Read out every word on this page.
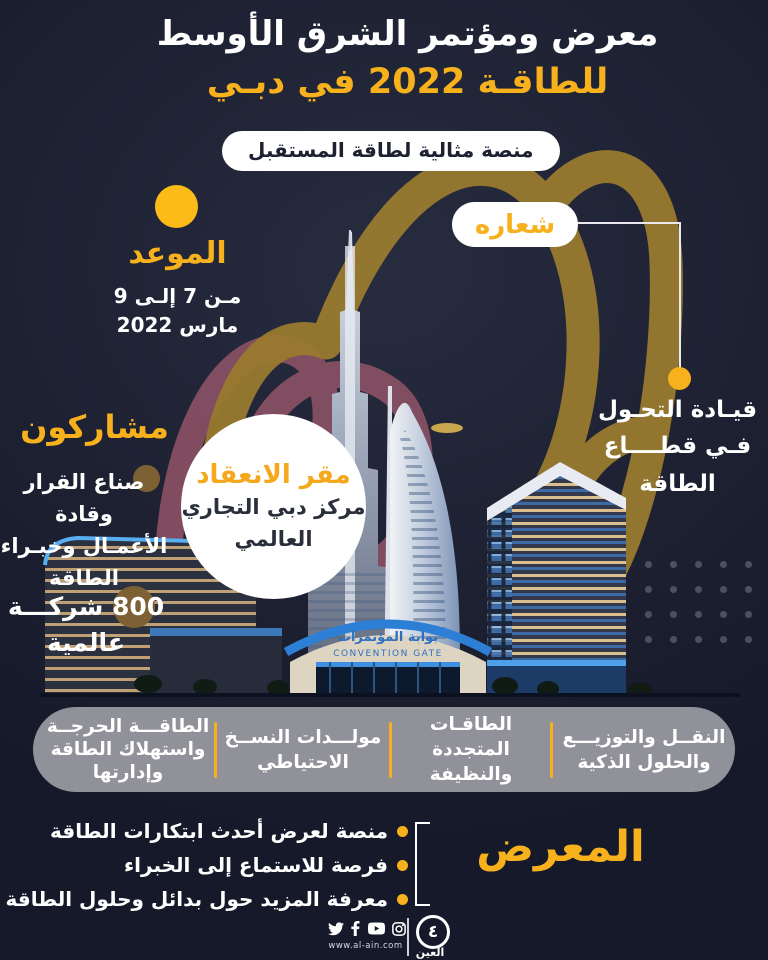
بوابة المؤتمرات
CONVENTION GATE
معرض ومؤتمر الشرق الأوسط
للطاقـة 2022 في دبـي
منصة مثالية لطاقة المستقبل
الموعد
مـن 7 إلـى 9
مارس 2022
شعاره
قيـادة التحـول
فـي قطــــاع
الطاقة
مشاركون
صناع القرار وقادة
الأعمـال وخبـراء
الطاقة
800 شركـــة
عالمية
مقر الانعقاد
مركز دبي التجاري
العالمي
النقــل والتوزيـــع
والحلول الذكية
الطاقـات المتجددة
والنظيفة
مولـــدات النســخ
الاحتياطي
الطاقـــة الحرجــة
واستهلاك الطاقة
وإدارتها
المعرض
منصة لعرض أحدث ابتكارات الطاقة
فرصة للاستماع إلى الخبراء
معرفة المزيد حول بدائل وحلول الطاقة
www.al-ain.com
٤
العين
